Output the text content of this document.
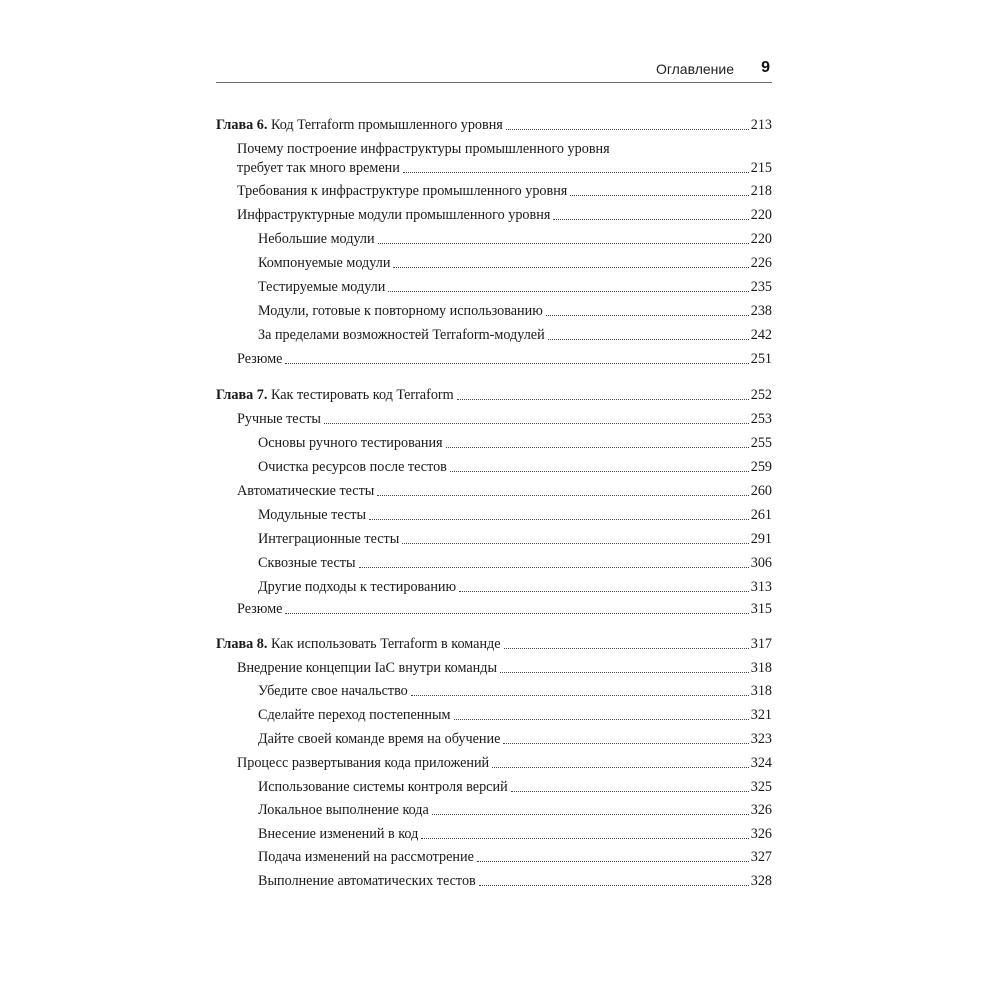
Оглавление 9
Глава 6. Код Terraform промышленного уровня	213
Почему построение инфраструктуры промышленного уровня
требует так много времени	215
Требования к инфраструктуре промышленного уровня	218
Инфраструктурные модули промышленного уровня	220
Небольшие модули	220
Компонуемые модули	226
Тестируемые модули	235
Модули, готовые к повторному использованию	238
За пределами возможностей Terraform-модулей	242
Резюме	251
Глава 7. Как тестировать код Terraform	252
Ручные тесты	253
Основы ручного тестирования	255
Очистка ресурсов после тестов	259
Автоматические тесты	260
Модульные тесты	261
Интеграционные тесты	291
Сквозные тесты	306
Другие подходы к тестированию	313
Резюме	315
Глава 8. Как использовать Terraform в команде	317
Внедрение концепции IaC внутри команды	318
Убедите свое начальство	318
Сделайте переход постепенным	321
Дайте своей команде время на обучение	323
Процесс развертывания кода приложений	324
Использование системы контроля версий	325
Локальное выполнение кода	326
Внесение изменений в код	326
Подача изменений на рассмотрение	327
Выполнение автоматических тестов	328
